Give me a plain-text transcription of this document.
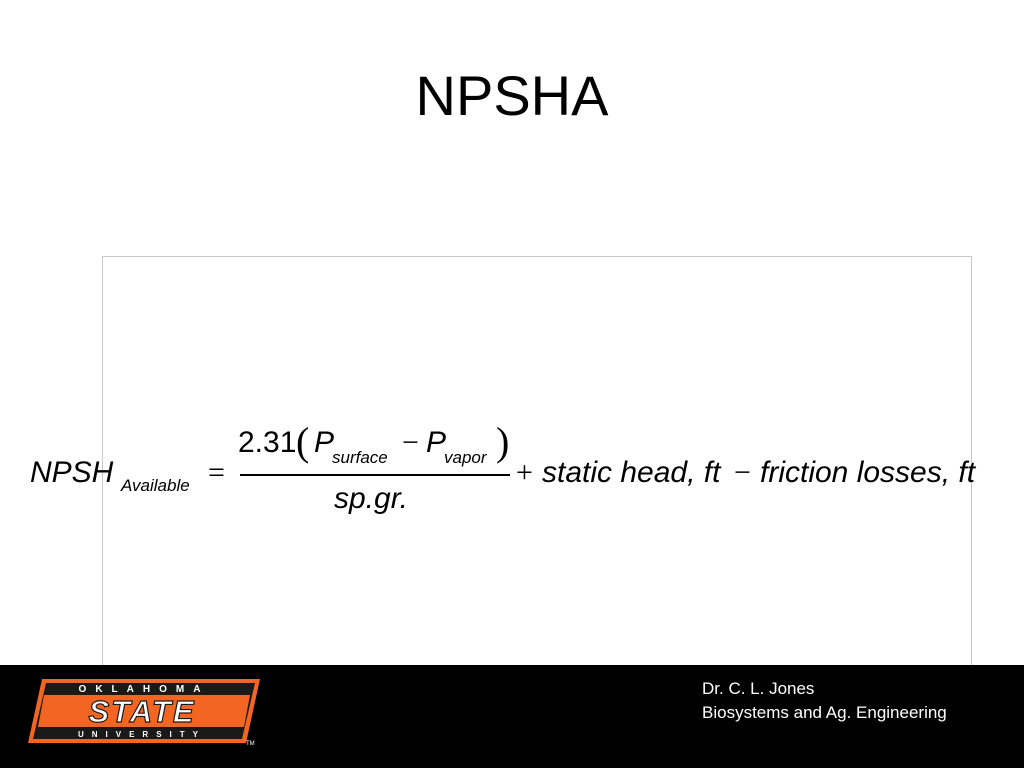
NPSHA
NPSH Available =
2.31 ( P
surface − P
vapor )
sp.gr.
+ static head, ft − friction losses, ft
OKLAHOMA
STATE
UNIVERSITY
TM
Dr. C. L. Jones
Biosystems and Ag. Engineering
